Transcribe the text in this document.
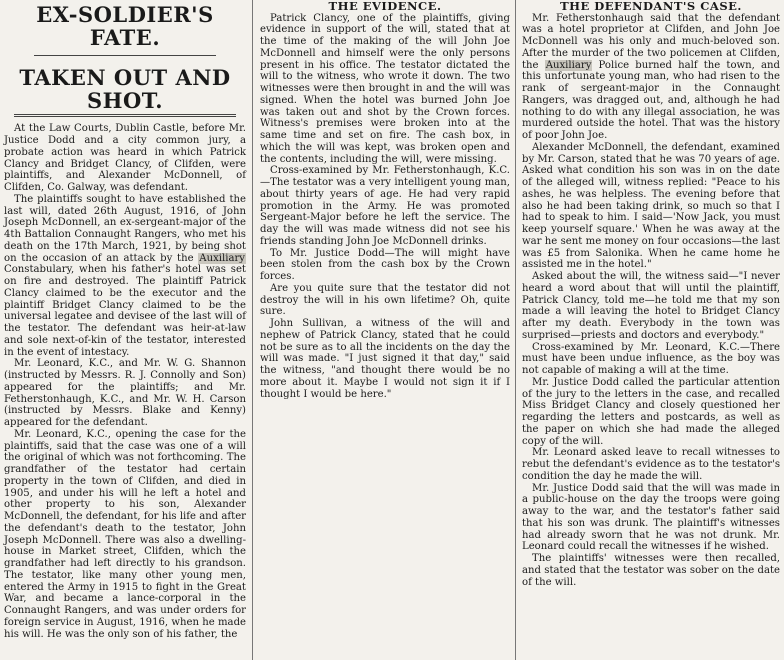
EX-SOLDIER'S FATE.
TAKEN OUT AND SHOT.

At the Law Courts, Dublin Castle, before Mr. Justice Dodd and a city common jury, a probate action was heard in which Patrick Clancy and Bridget Clancy, of Clifden, were plaintiffs, and Alexander McDonnell, of Clifden, Co. Galway, was defendant.

The plaintiffs sought to have established the last will, dated 26th August, 1916, of John Joseph McDonnell, an ex-sergeant-major of the 4th Battalion Connaught Rangers, who met his death on the 17th March, 1921, by being shot on the occasion of an attack by the Auxiliary Constabulary, when his father's hotel was set on fire and destroyed. The plaintiff Patrick Clancy claimed to be the executor and the plaintiff Bridget Clancy claimed to be the universal legatee and devisee of the last will of the testator. The defendant was heir-at-law and sole next-of-kin of the testator, interested in the event of intestacy.

Mr. Leonard, K.C., and Mr. W. G. Shannon (instructed by Messrs. R. J. Connolly and Son) appeared for the plaintiffs; and Mr. Fetherstonhaugh, K.C., and Mr. W. H. Carson (instructed by Messrs. Blake and Kenny) appeared for the defendant.

Mr. Leonard, K.C., opening the case for the plaintiffs, said that the case was one of a will the original of which was not forthcoming. The grandfather of the testator had certain property in the town of Clifden, and died in 1905, and under his will he left a hotel and other property to his son, Alexander McDonnell, the defendant, for his life and after the defendant's death to the testator, John Joseph McDonnell. There was also a dwelling-house in Market street, Clifden, which the grandfather had left directly to his grandson. The testator, like many other young men, entered the Army in 1915 to fight in the Great War, and became a lance-corporal in the Connaught Rangers, and was under orders for foreign service in August, 1916, when he made his will. He was the only son of his father, the

THE EVIDENCE.

Patrick Clancy, one of the plaintiffs, giving evidence in support of the will, stated that at the time of the making of the will John Joe McDonnell and himself were the only persons present in his office. The testator dictated the will to the witness, who wrote it down. The two witnesses were then brought in and the will was signed. When the hotel was burned John Joe was taken out and shot by the Crown forces. Witness's premises were broken into at the same time and set on fire. The cash box, in which the will was kept, was broken open and the contents, including the will, were missing.

Cross-examined by Mr. Fetherstonhaugh, K.C.—The testator was a very intelligent young man, about thirty years of age. He had very rapid promotion in the Army. He was promoted Sergeant-Major before he left the service. The day the will was made witness did not see his friends standing John Joe McDonnell drinks.

To Mr. Justice Dodd—The will might have been stolen from the cash box by the Crown forces.

Are you quite sure that the testator did not destroy the will in his own lifetime? Oh, quite sure.

John Sullivan, a witness of the will and nephew of Patrick Clancy, stated that he could not be sure as to all the incidents on the day the will was made. "I just signed it that day," said the witness, "and thought there would be no more about it. Maybe I would not sign it if I thought I would be here."

THE DEFENDANT'S CASE.

Mr. Fetherstonhaugh said that the defendant was a hotel proprietor at Clifden, and John Joe McDonnell was his only and much-beloved son. After the murder of the two policemen at Clifden, the Auxiliary Police burned half the town, and this unfortunate young man, who had risen to the rank of sergeant-major in the Connaught Rangers, was dragged out, and, although he had nothing to do with any illegal association, he was murdered outside the hotel. That was the history of poor John Joe.

Alexander McDonnell, the defendant, examined by Mr. Carson, stated that he was 70 years of age. Asked what condition his son was in on the date of the alleged will, witness replied: "Peace to his ashes, he was helpless. The evening before that also he had been taking drink, so much so that I had to speak to him. I said—'Now Jack, you must keep yourself square.' When he was away at the war he sent me money on four occasions—the last was £5 from Salonika. When he came home he assisted me in the hotel."

Asked about the will, the witness said—"I never heard a word about that will until the plaintiff, Patrick Clancy, told me—he told me that my son made a will leaving the hotel to Bridget Clancy after my death. Everybody in the town was surprised—priests and doctors and everybody."

Cross-examined by Mr. Leonard, K.C.—There must have been undue influence, as the boy was not capable of making a will at the time.

Mr. Justice Dodd called the particular attention of the jury to the letters in the case, and recalled Miss Bridget Clancy and closely questioned her regarding the letters and postcards, as well as the paper on which she had made the alleged copy of the will.

Mr. Leonard asked leave to recall witnesses to rebut the defendant's evidence as to the testator's condition the day he made the will.

Mr. Justice Dodd said that the will was made in a public-house on the day the troops were going away to the war, and the testator's father said that his son was drunk. The plaintiff's witnesses had already sworn that he was not drunk. Mr. Leonard could recall the witnesses if he wished.

The plaintiffs' witnesses were then recalled, and stated that the testator was sober on the date of the will.
